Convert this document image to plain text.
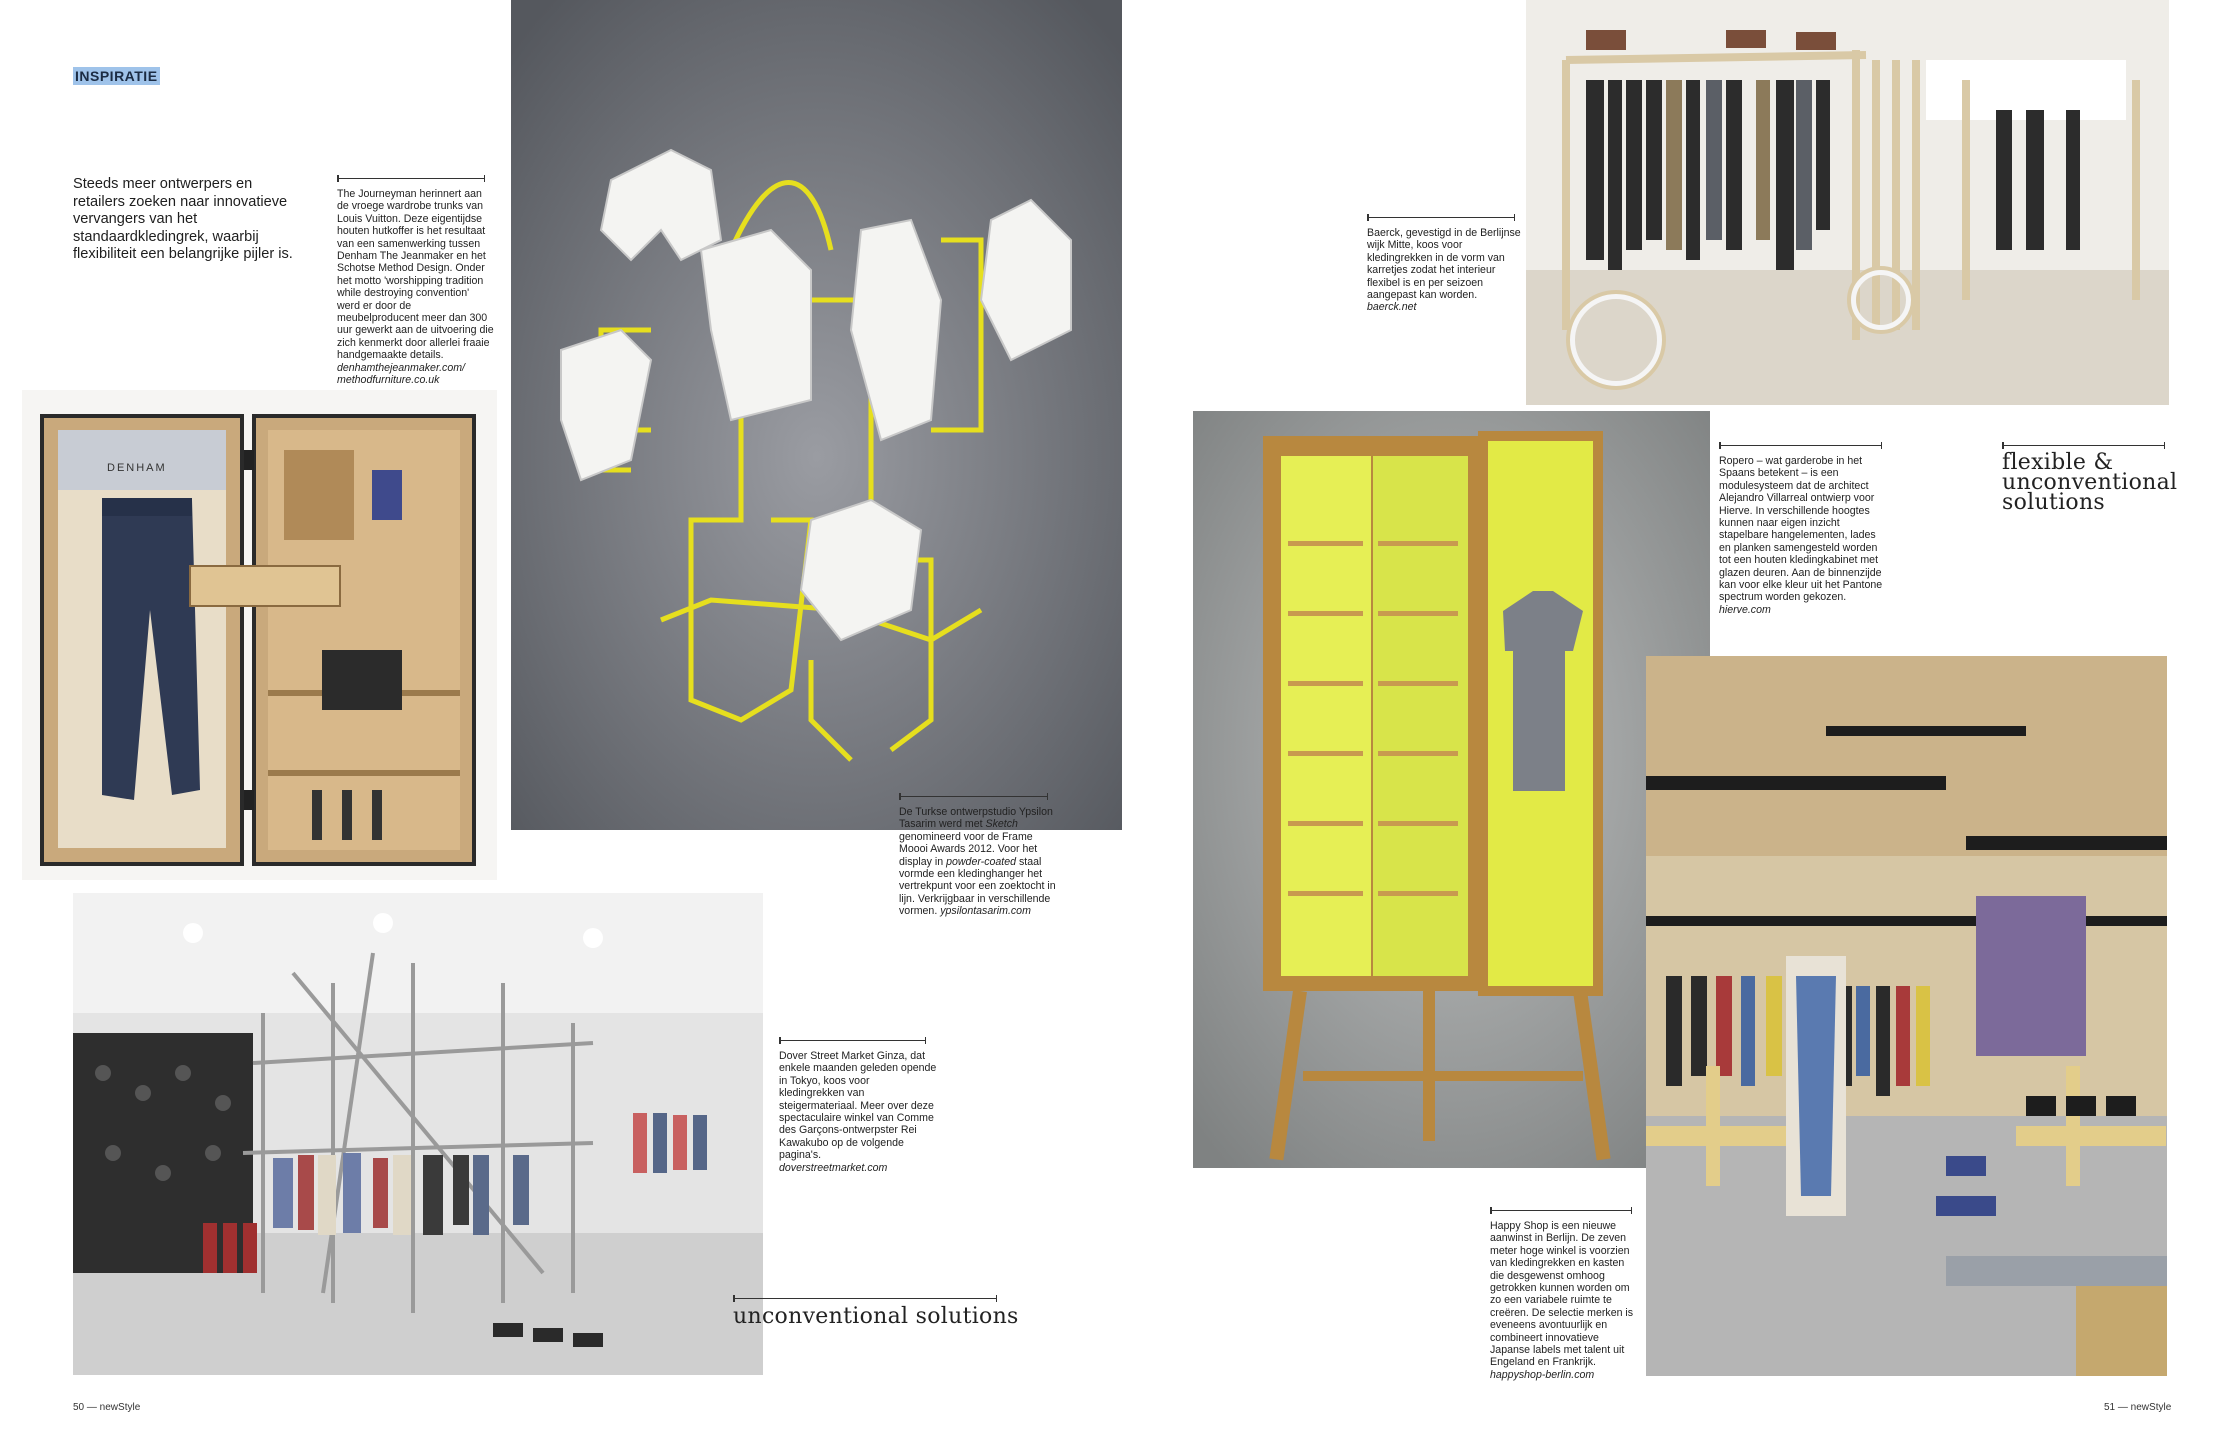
INSPIRATIE
Steeds meer ontwerpers en retailers zoeken naar innovatieve vervangers van het standaardkledingrek, waarbij flexibiliteit een belangrijke pijler is.
The Journeyman herinnert aan de vroege wardrobe trunks van Louis Vuitton. Deze eigentijdse houten hutkoffer is het resultaat van een samenwerking tussen Denham The Jeanmaker en het Schotse Method Design. Onder het motto 'worshipping tradition while destroying convention' werd er door de meubelproducent meer dan 300 uur gewerkt aan de uitvoering die zich kenmerkt door allerlei fraaie handgemaakte details.
denhamthejeanmaker.com/
methodfurniture.co.uk
DENHAM
De Turkse ontwerpstudio Ypsilon Tasarim werd met Sketch genomineerd voor de Frame Moooi Awards 2012. Voor het display in powder-coated staal vormde een kledinghanger het vertrekpunt voor een zoektocht in lijn. Verkrijgbaar in verschillende vormen. ypsilontasarim.com
Dover Street Market Ginza, dat enkele maanden geleden opende in Tokyo, koos voor kledingrekken van steigermateriaal. Meer over deze spectaculaire winkel van Comme des Garçons-ontwerpster Rei Kawakubo op de volgende pagina's.
doverstreetmarket.com
unconventional solutions
50 — newStyle
Baerck, gevestigd in de Berlijnse wijk Mitte, koos voor kledingrekken in de vorm van karretjes zodat het interieur flexibel is en per seizoen aangepast kan worden.
baerck.net
Ropero – wat garderobe in het Spaans betekent – is een modulesysteem dat de architect Alejandro Villarreal ontwierp voor Hierve. In verschillende hoogtes kunnen naar eigen inzicht stapelbare hangelementen, lades en planken samengesteld worden tot een houten kledingkabinet met glazen deuren. Aan de binnenzijde kan voor elke kleur uit het Pantone spectrum worden gekozen.
hierve.com
flexible & unconventional solutions
Happy Shop is een nieuwe aanwinst in Berlijn. De zeven meter hoge winkel is voorzien van kledingrekken en kasten die desgewenst omhoog getrokken kunnen worden om zo een variabele ruimte te creëren. De selectie merken is eveneens avontuurlijk en combineert innovatieve Japanse labels met talent uit Engeland en Frankrijk.
happyshop-berlin.com
51 — newStyle
